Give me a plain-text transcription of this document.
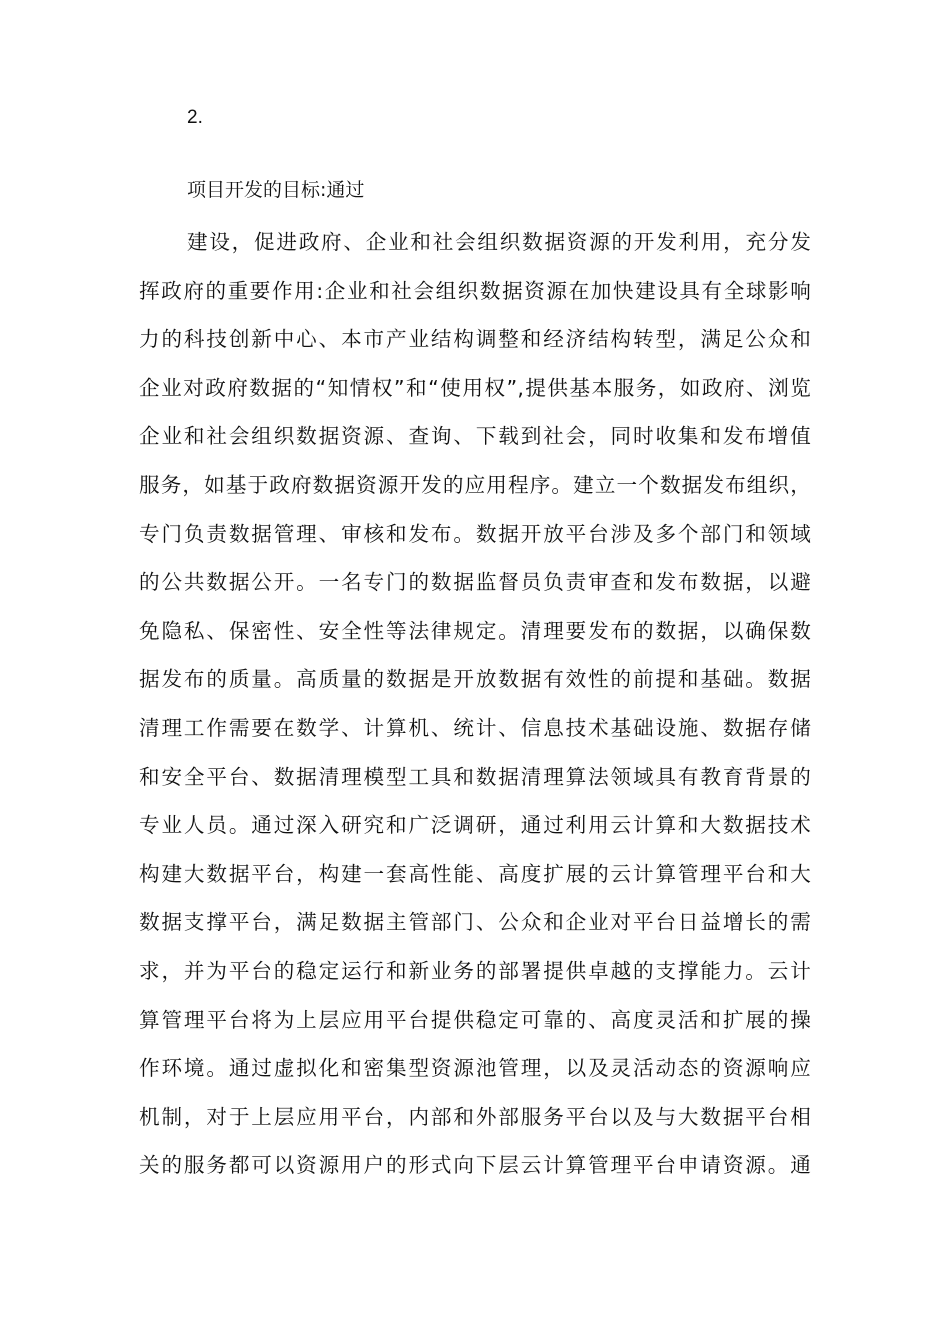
2.
项目开发的目标:通过
建设，促进政府、企业和社会组织数据资源的开发利用，充分发
挥政府的重要作用:企业和社会组织数据资源在加快建设具有全球影响
力的科技创新中心、本市产业结构调整和经济结构转型，满足公众和
企业对政府数据的“知情权”和“使用权”,提供基本服务，如政府、浏览
企业和社会组织数据资源、查询、下载到社会，同时收集和发布增值
服务，如基于政府数据资源开发的应用程序。建立一个数据发布组织，
专门负责数据管理、审核和发布。数据开放平台涉及多个部门和领域
的公共数据公开。一名专门的数据监督员负责审查和发布数据，以避
免隐私、保密性、安全性等法律规定。清理要发布的数据，以确保数
据发布的质量。高质量的数据是开放数据有效性的前提和基础。数据
清理工作需要在数学、计算机、统计、信息技术基础设施、数据存储
和安全平台、数据清理模型工具和数据清理算法领域具有教育背景的
专业人员。通过深入研究和广泛调研，通过利用云计算和大数据技术
构建大数据平台，构建一套高性能、高度扩展的云计算管理平台和大
数据支撑平台，满足数据主管部门、公众和企业对平台日益增长的需
求，并为平台的稳定运行和新业务的部署提供卓越的支撑能力。云计
算管理平台将为上层应用平台提供稳定可靠的、高度灵活和扩展的操
作环境。通过虚拟化和密集型资源池管理，以及灵活动态的资源响应
机制，对于上层应用平台，内部和外部服务平台以及与大数据平台相
关的服务都可以资源用户的形式向下层云计算管理平台申请资源。通
